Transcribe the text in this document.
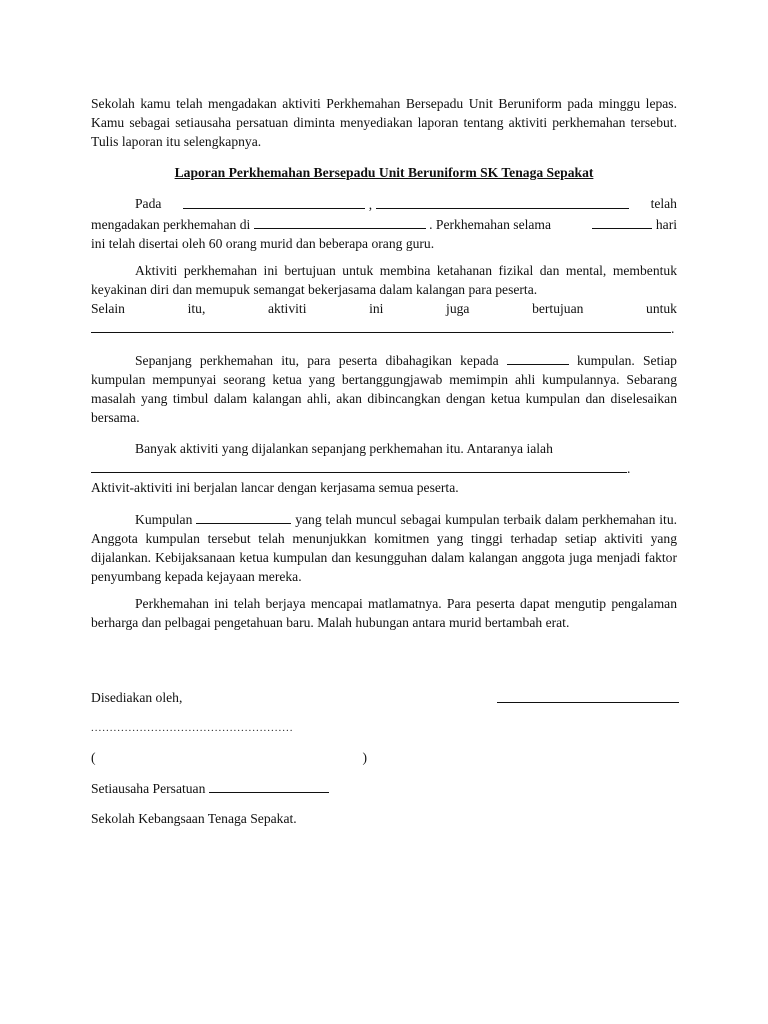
Sekolah kamu telah mengadakan aktiviti Perkhemahan Bersepadu Unit Beruniform pada minggu lepas. Kamu sebagai setiausaha persatuan diminta menyediakan laporan tentang aktiviti perkhemahan tersebut. Tulis laporan itu selengkapnya.

Laporan Perkhemahan Bersepadu Unit Beruniform SK Tenaga Sepakat

Pada	,	telah
mengadakan perkhemahan di	. Perkhemahan selama	hari

ini telah disertai oleh 60 orang murid dan beberapa orang guru.

Aktiviti perkhemahan ini bertujuan untuk membina ketahanan fizikal dan mental, membentuk keyakinan diri dan memupuk semangat bekerjasama dalam kalangan para peserta.

Selain	itu,	aktiviti	ini	juga	bertujuan	untuk
.

Sepanjang perkhemahan itu, para peserta dibahagikan kepada	kumpulan. Setiap kumpulan mempunyai seorang ketua yang bertanggungjawab memimpin ahli kumpulannya. Sebarang masalah yang timbul dalam kalangan ahli, akan dibincangkan dengan ketua kumpulan dan diselesaikan bersama.

Banyak aktiviti yang dijalankan sepanjang perkhemahan itu. Antaranya ialah

.

Aktivit-aktiviti ini berjalan lancar dengan kerjasama semua peserta.

Kumpulan	yang telah muncul sebagai kumpulan terbaik dalam perkhemahan itu. Anggota kumpulan tersebut telah menunjukkan komitmen yang tinggi terhadap setiap aktiviti yang dijalankan. Kebijaksanaan ketua kumpulan dan kesungguhan dalam kalangan anggota juga menjadi faktor penyumbang kepada kejayaan mereka.

Perkhemahan ini telah berjaya mencapai matlamatnya. Para peserta dapat mengutip pengalaman berharga dan pelbagai pengetahuan baru. Malah hubungan antara murid bertambah erat.

Disediakan oleh,

......................................................

(	)

Setiausaha Persatuan

Sekolah Kebangsaan Tenaga Sepakat.
